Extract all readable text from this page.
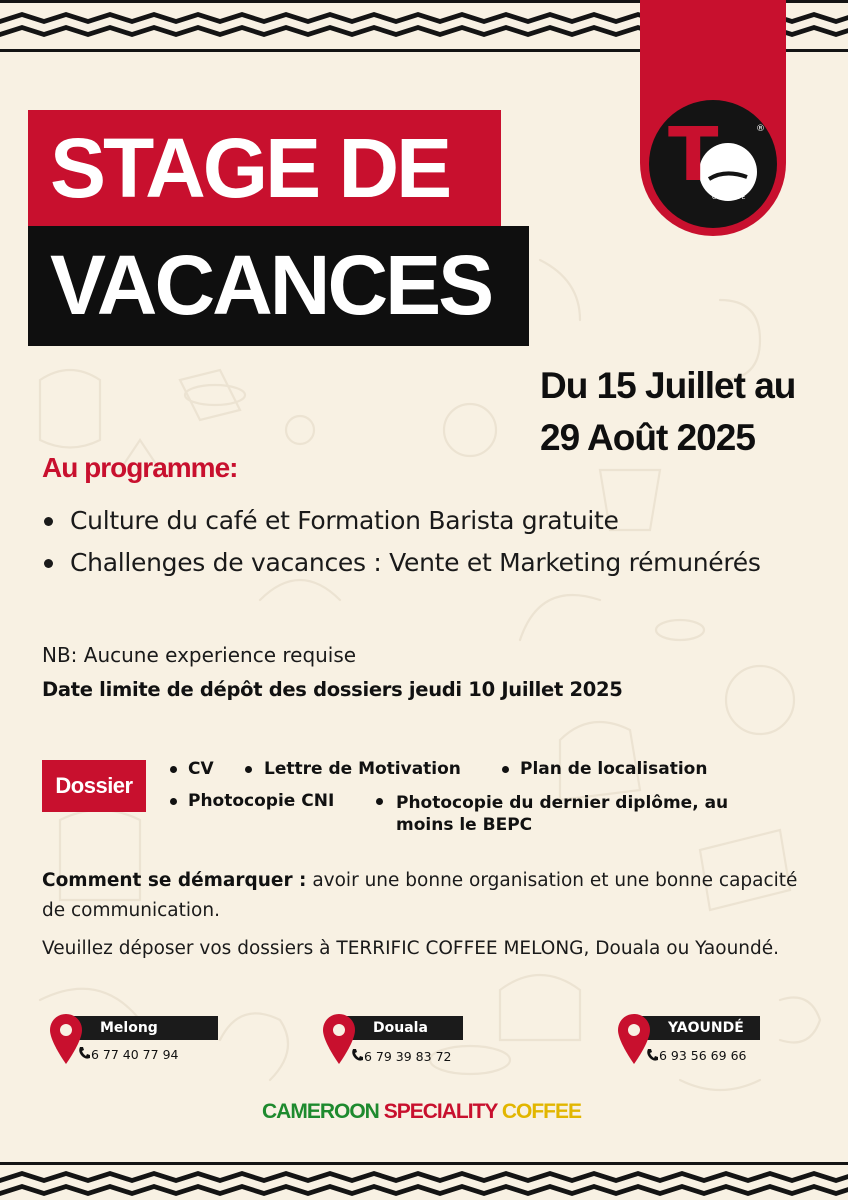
T	®
COFFEE
STAGE DE
VACANCES
Du 15 Juillet au
29 Août 2025
Au programme:
Culture du café et Formation Barista gratuite
Challenges de vacances : Vente et Marketing rémunérés
NB: Aucune experience requise
Date limite de dépôt des dossiers jeudi 10 Juillet 2025
Dossier
CV	Lettre de Motivation	Plan de localisation
Photocopie CNI	Photocopie du dernier diplôme, au
moins le BEPC
Comment se démarquer : avoir une bonne organisation et une bonne capacité de communication.
Veuillez déposer vos dossiers à TERRIFIC COFFEE MELONG, Douala ou Yaoundé.
Melong
6 77 40 77 94
Douala
6 79 39 83 72
YAOUNDÉ
6 93 56 69 66
CAMEROON SPECIALITY COFFEE
